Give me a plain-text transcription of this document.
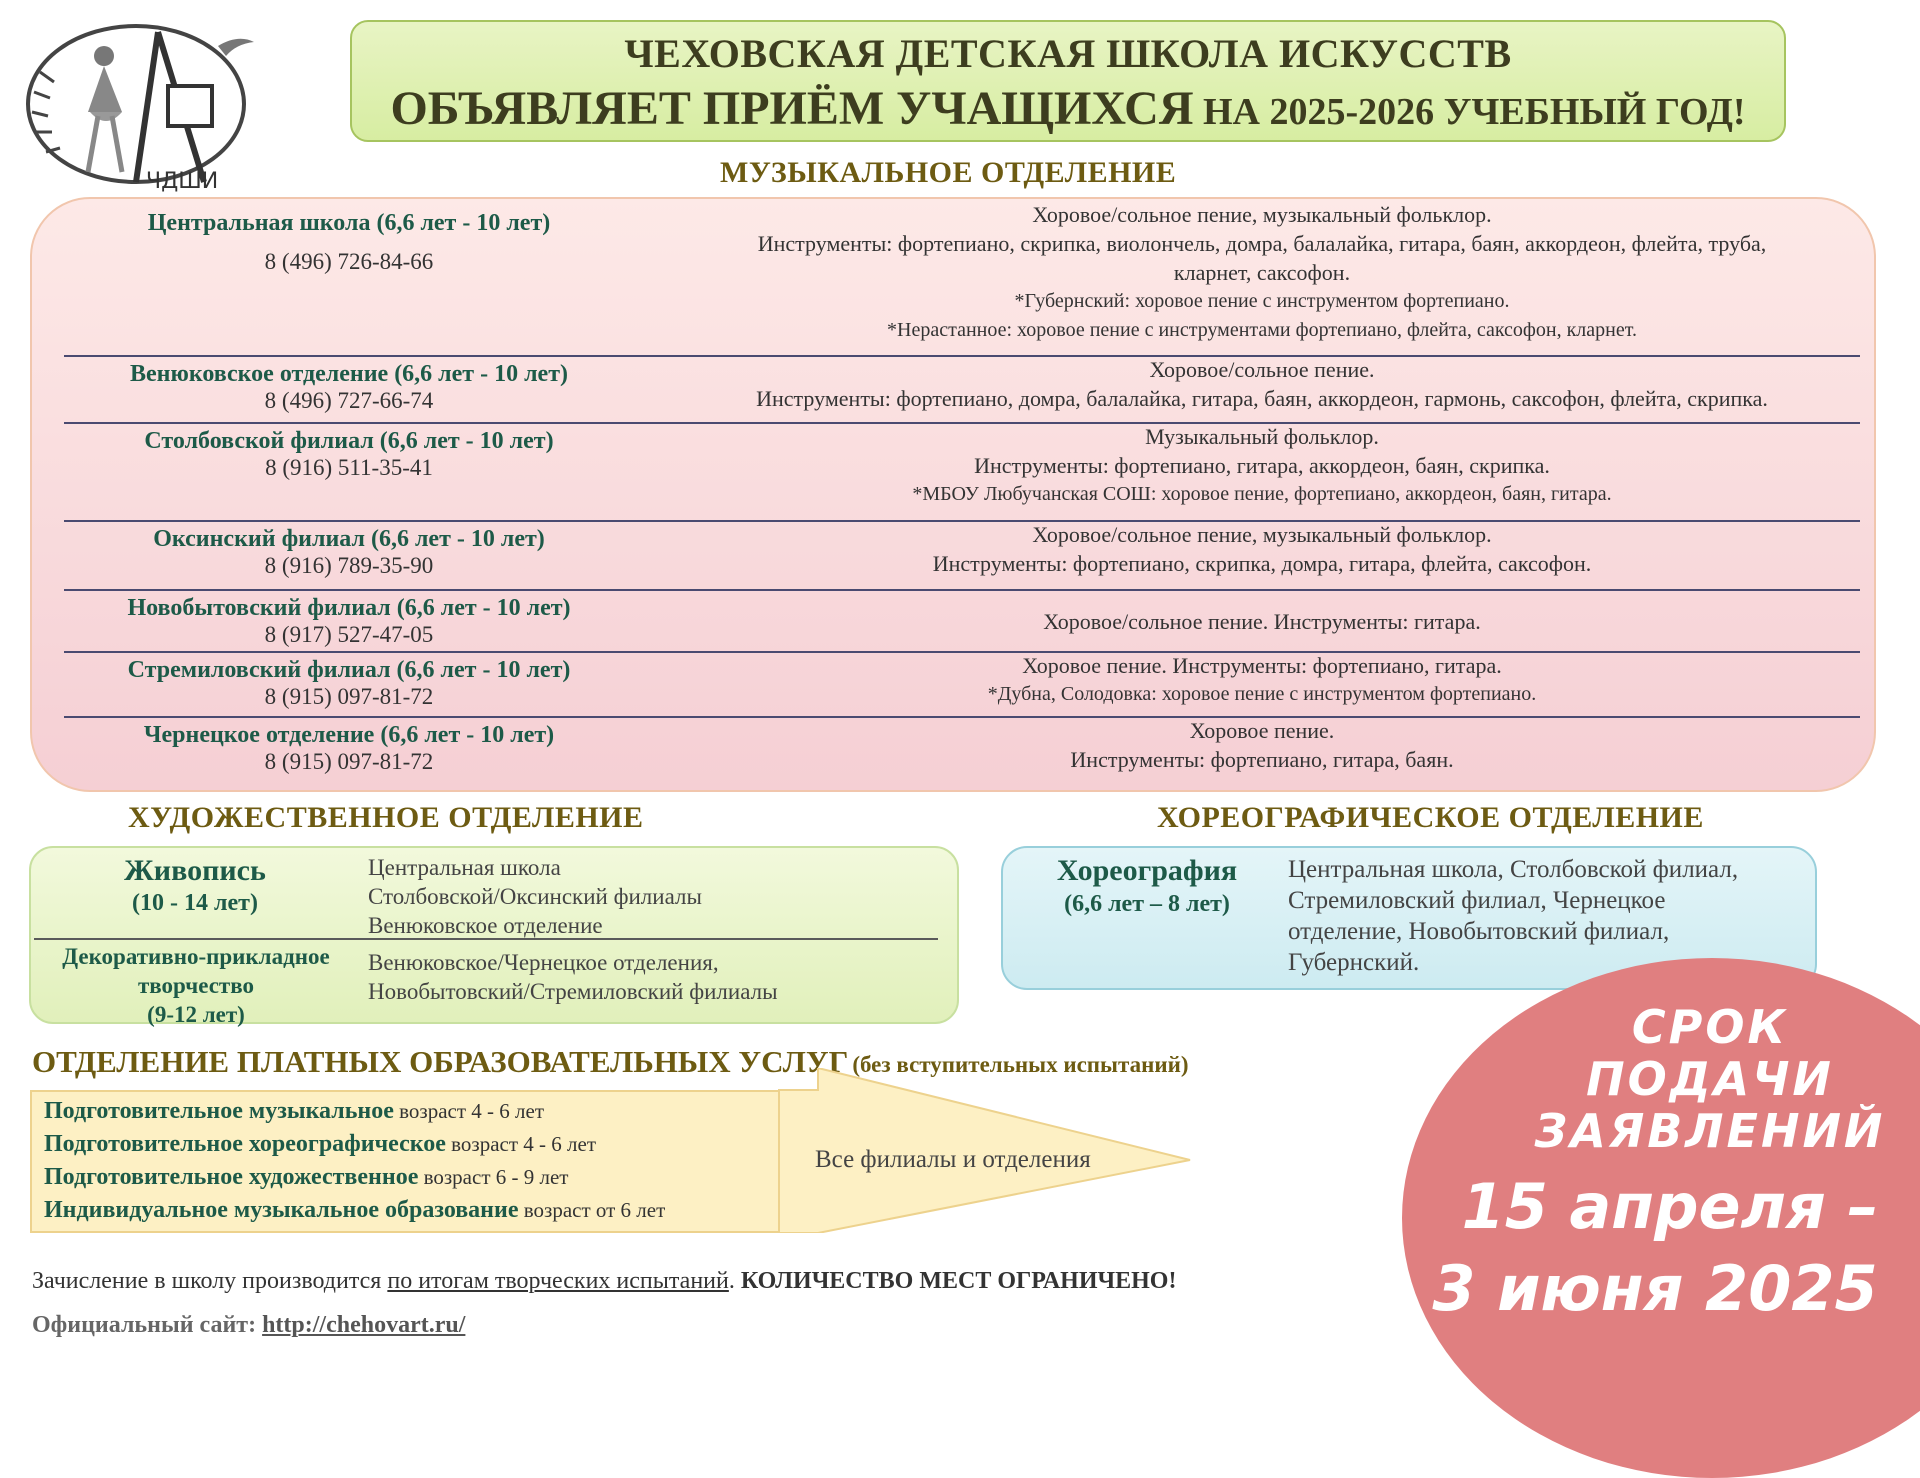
ЧДШИ
ЧЕХОВСКАЯ ДЕТСКАЯ ШКОЛА ИСКУССТВ
ОБЪЯВЛЯЕТ ПРИЁМ УЧАЩИХСЯ НА 2025-2026 УЧЕБНЫЙ ГОД!
МУЗЫКАЛЬНОЕ ОТДЕЛЕНИЕ
Центральная школа (6,6 лет - 10 лет)
8 (496) 726-84-66
Хоровое/сольное пение, музыкальный фольклор.
Инструменты: фортепиано, скрипка, виолончель, домра, балалайка, гитара, баян, аккордеон, флейта, труба,
кларнет, саксофон.
*Губернский: хоровое пение с инструментом фортепиано.
*Нерастанное: хоровое пение с инструментами фортепиано, флейта, саксофон, кларнет.
Венюковское отделение (6,6 лет - 10 лет)
8 (496) 727-66-74
Хоровое/сольное пение.
Инструменты: фортепиано, домра, балалайка, гитара, баян, аккордеон, гармонь, саксофон, флейта, скрипка.
Столбовской филиал (6,6 лет - 10 лет)
8 (916) 511-35-41
Музыкальный фольклор.
Инструменты: фортепиано, гитара, аккордеон, баян, скрипка.
*МБОУ Любучанская СОШ: хоровое пение, фортепиано, аккордеон, баян, гитара.
Оксинский филиал (6,6 лет - 10 лет)
8 (916) 789-35-90
Хоровое/сольное пение, музыкальный фольклор.
Инструменты: фортепиано, скрипка, домра, гитара, флейта, саксофон.
Новобытовский филиал (6,6 лет - 10 лет)
8 (917) 527-47-05
Хоровое/сольное пение. Инструменты: гитара.
Стремиловский филиал (6,6 лет - 10 лет)
8 (915) 097-81-72
Хоровое пение. Инструменты: фортепиано, гитара.
*Дубна, Солодовка: хоровое пение с инструментом фортепиано.
Чернецкое отделение (6,6 лет - 10 лет)
8 (915) 097-81-72
Хоровое пение.
Инструменты: фортепиано, гитара, баян.
ХУДОЖЕСТВЕННОЕ ОТДЕЛЕНИЕ
Живопись
(10 - 14 лет)
Центральная школа
Столбовской/Оксинский филиалы
Венюковское отделение
Декоративно-прикладное
творчество
(9-12 лет)
Венюковское/Чернецкое отделения,
Новобытовский/Стремиловский филиалы
ХОРЕОГРАФИЧЕСКОЕ ОТДЕЛЕНИЕ
Хореография
(6,6 лет – 8 лет)
Центральная школа, Столбовской филиал,
Стремиловский филиал, Чернецкое
отделение, Новобытовский филиал,
Губернский.
ОТДЕЛЕНИЕ ПЛАТНЫХ ОБРАЗОВАТЕЛЬНЫХ УСЛУГ (без вступительных испытаний)
Подготовительное музыкальное возраст 4 - 6 лет
Подготовительное хореографическое возраст 4 - 6 лет
Подготовительное художественное возраст 6 - 9 лет
Индивидуальное музыкальное образование возраст от 6 лет
Все филиалы и отделения
СРОК
ПОДАЧИ
ЗАЯВЛЕНИЙ
15 апреля –
3 июня 2025
Зачисление в школу производится по итогам творческих испытаний. КОЛИЧЕСТВО МЕСТ ОГРАНИЧЕНО!
Официальный сайт: http://chehovart.ru/
